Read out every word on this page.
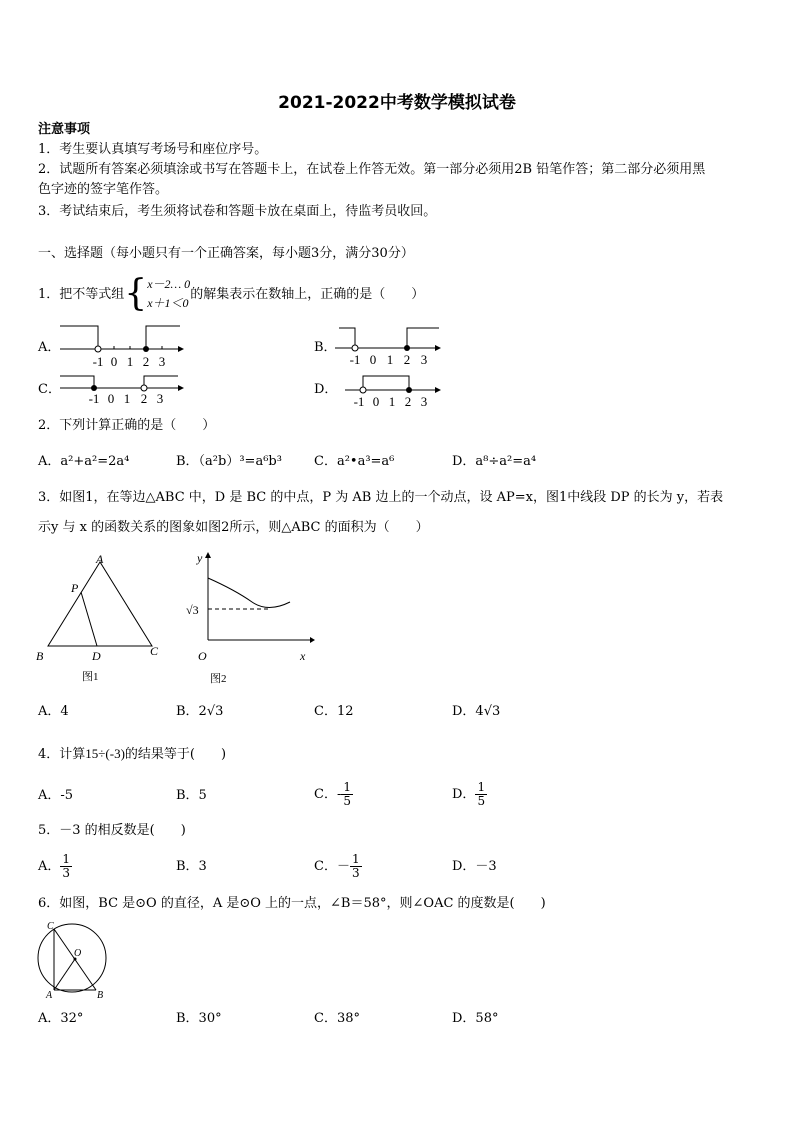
2021-2022中考数学模拟试卷
注意事项
1．考生要认真填写考场号和座位序号。
2．试题所有答案必须填涂或书写在答题卡上，在试卷上作答无效。第一部分必须用2B 铅笔作答；第二部分必须用黑
色字迹的签字笔作答。
3．考试结束后，考生须将试卷和答题卡放在桌面上，待监考员收回。
一、选择题（每小题只有一个正确答案，每小题3分，满分30分）
1．把不等式组 { x－2… 0
x＋1＜0
的解集表示在数轴上，正确的是（　　）
A．
-1 0 1 2 3
B．
-1 0 1 2 3
C．
-1 0 1 2 3
D．
-1 0 1 2 3
2．下列计算正确的是（　　）
A．a²+a²=2a⁴	B．（a²b）³=a⁶b³ C．a²•a³=a⁶	D．a⁸÷a²=a⁴
3．如图1，在等边△ABC 中，D 是 BC 的中点，P 为 AB 边上的一个动点，设 AP=x，图1中线段 DP 的长为 y，若表
示y 与 x 的函数关系的图象如图2所示，则△ABC 的面积为（　　）
A
P
B	D	C
图1
y
x
O
√3
图2
A．4	B．2√3	C．12	D．4√3
4．计算15÷(-3)的结果等于(　　)
A．-5	B．5	C．- $\frac{1}{5}$	D． $\frac{1}{5}$
5．－3 的相反数是(　　)
A． $\frac{1}{3}$	B．3	C．－ $\frac{1}{3}$	D．－3
6．如图，BC 是⊙O 的直径，A 是⊙O 上的一点，∠B＝58°，则∠OAC 的度数是(　　)
C
O
A	B
A．32°	B．30°	C．38°	D．58°
